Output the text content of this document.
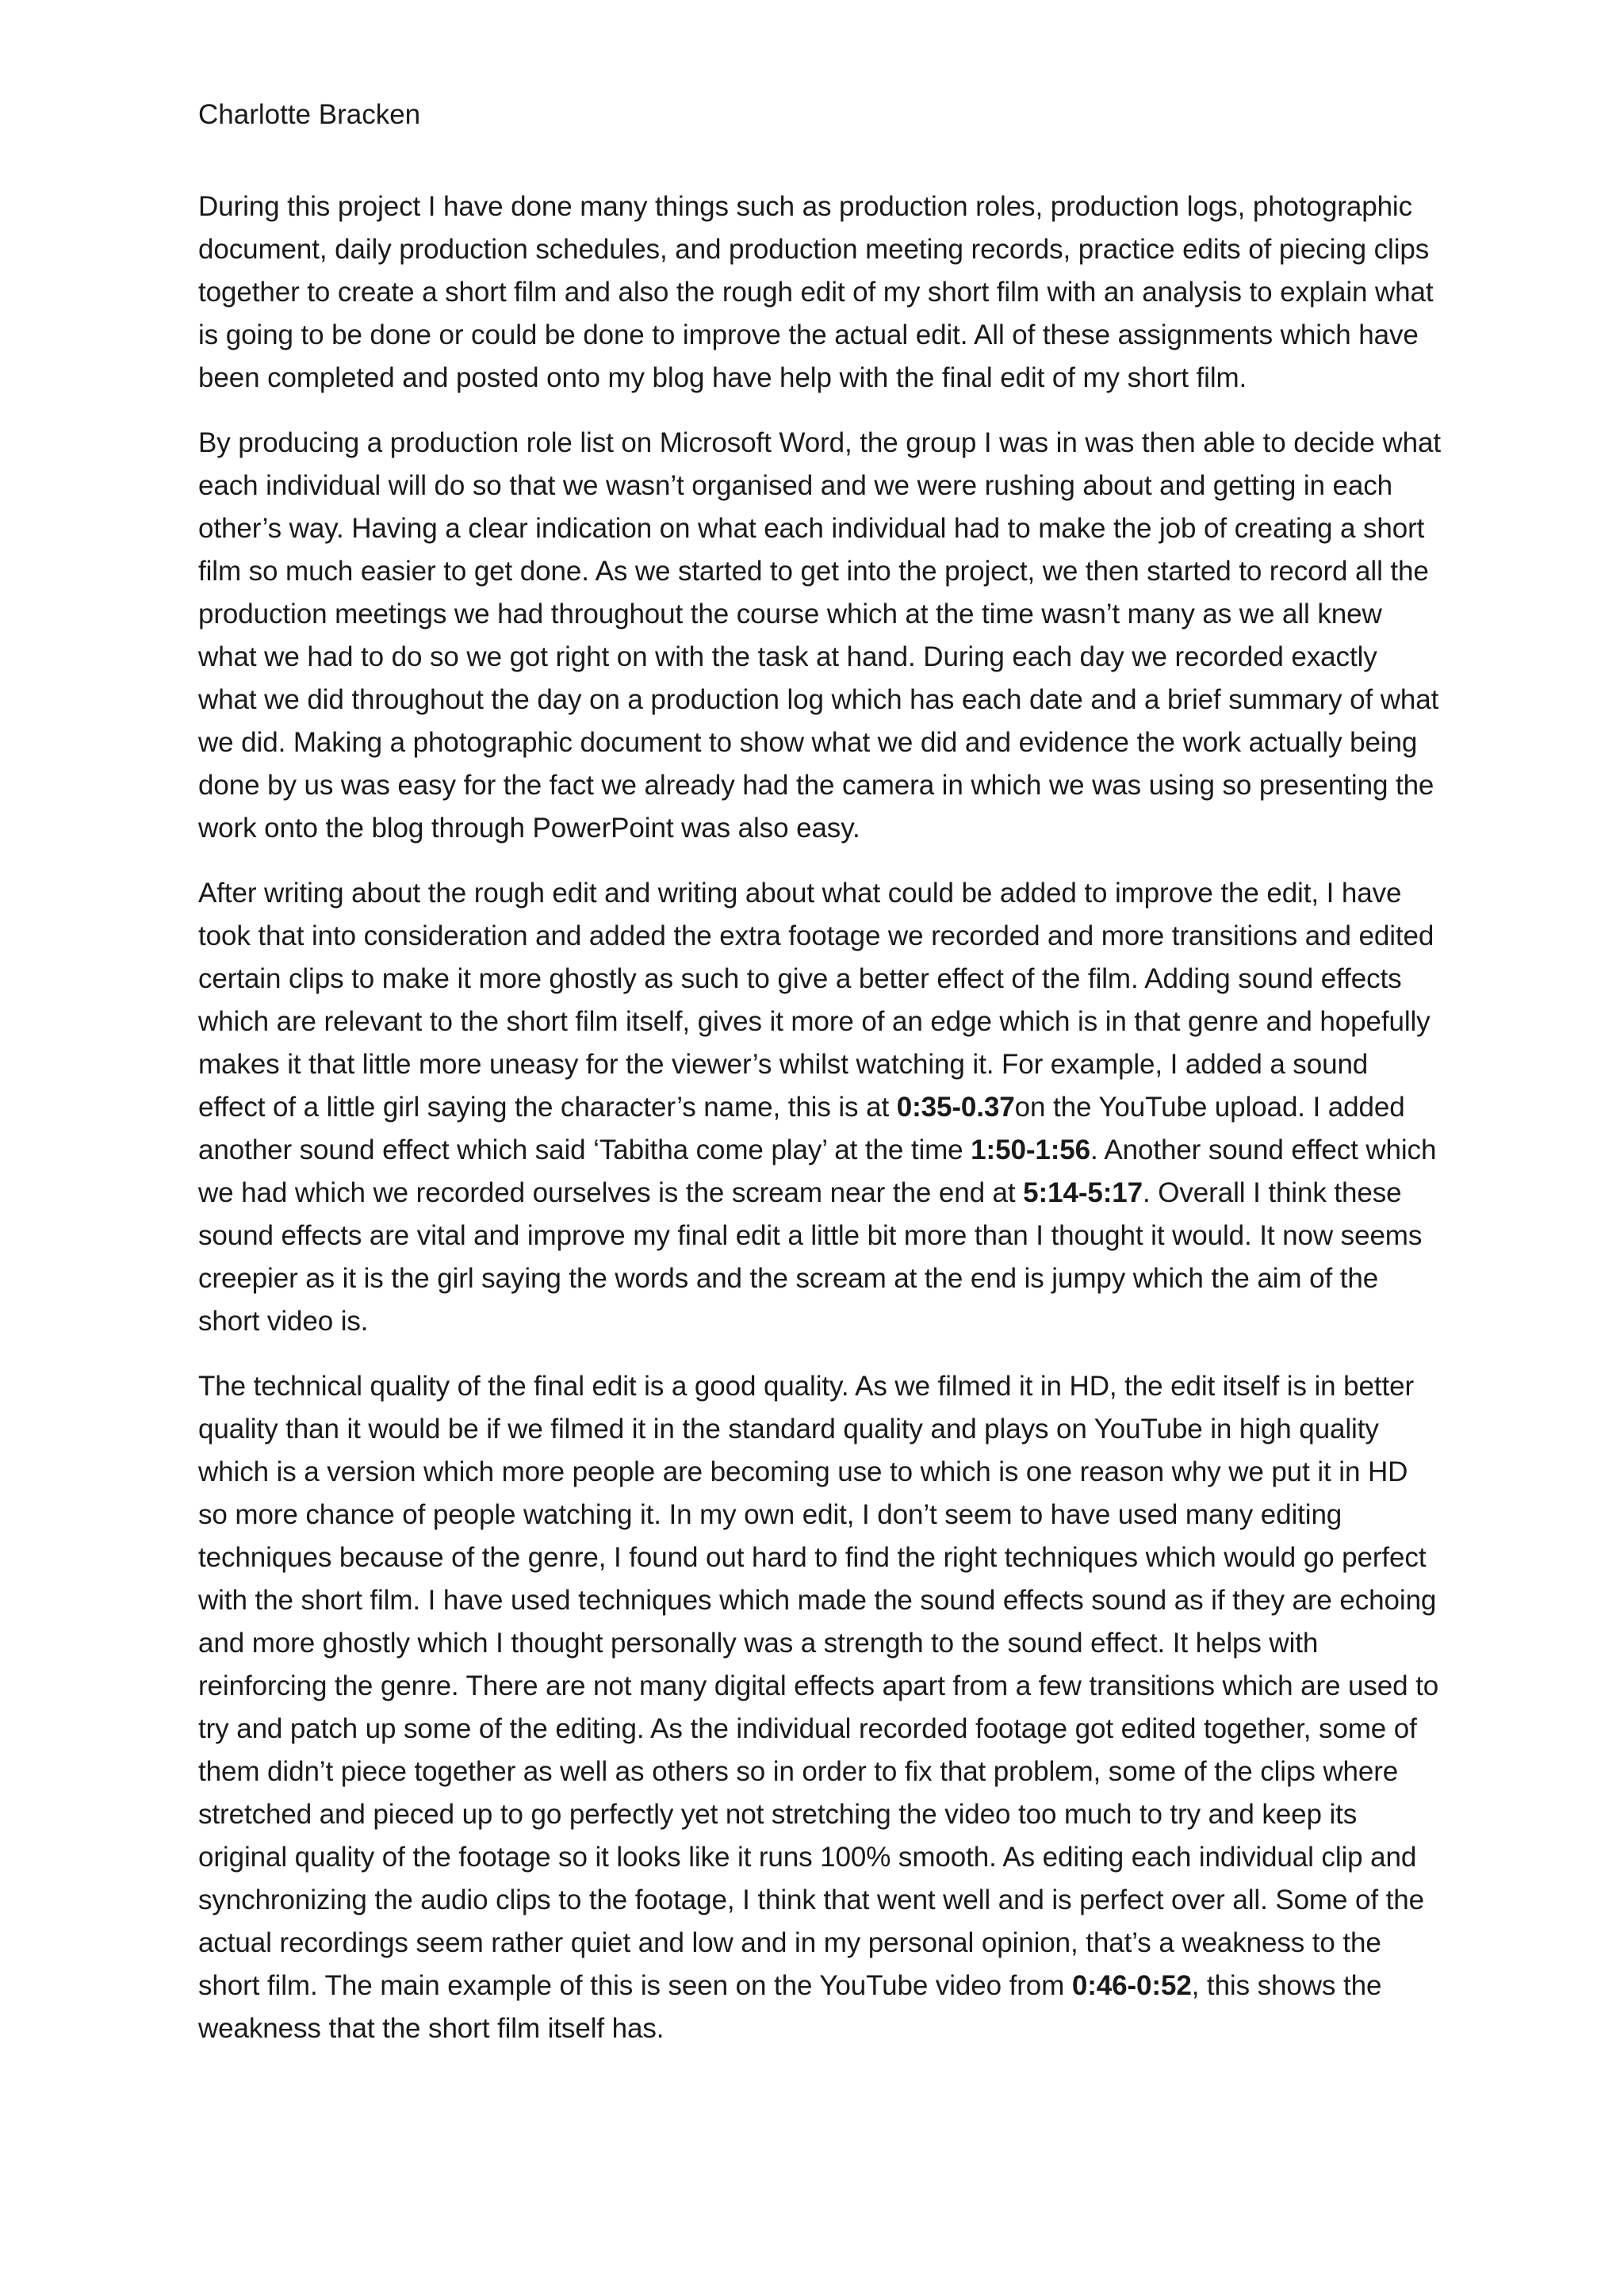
Charlotte Bracken

During this project I have done many things such as production roles, production logs, photographic document, daily production schedules, and production meeting records, practice edits of piecing clips together to create a short film and also the rough edit of my short film with an analysis to explain what is going to be done or could be done to improve the actual edit. All of these assignments which have been completed and posted onto my blog have help with the final edit of my short film.

By producing a production role list on Microsoft Word, the group I was in was then able to decide what each individual will do so that we wasn’t organised and we were rushing about and getting in each other’s way. Having a clear indication on what each individual had to make the job of creating a short film so much easier to get done. As we started to get into the project, we then started to record all the production meetings we had throughout the course which at the time wasn’t many as we all knew what we had to do so we got right on with the task at hand. During each day we recorded exactly what we did throughout the day on a production log which has each date and a brief summary of what we did. Making a photographic document to show what we did and evidence the work actually being done by us was easy for the fact we already had the camera in which we was using so presenting the work onto the blog through PowerPoint was also easy.

After writing about the rough edit and writing about what could be added to improve the edit, I have took that into consideration and added the extra footage we recorded and more transitions and edited certain clips to make it more ghostly as such to give a better effect of the film. Adding sound effects which are relevant to the short film itself, gives it more of an edge which is in that genre and hopefully makes it that little more uneasy for the viewer’s whilst watching it. For example, I added a sound effect of a little girl saying the character’s name, this is at 0:35-0.37on the YouTube upload. I added another sound effect which said ‘Tabitha come play’ at the time 1:50-1:56. Another sound effect which we had which we recorded ourselves is the scream near the end at 5:14-5:17. Overall I think these sound effects are vital and improve my final edit a little bit more than I thought it would. It now seems creepier as it is the girl saying the words and the scream at the end is jumpy which the aim of the short video is.

The technical quality of the final edit is a good quality. As we filmed it in HD, the edit itself is in better quality than it would be if we filmed it in the standard quality and plays on YouTube in high quality which is a version which more people are becoming use to which is one reason why we put it in HD so more chance of people watching it. In my own edit, I don’t seem to have used many editing techniques because of the genre, I found out hard to find the right techniques which would go perfect with the short film. I have used techniques which made the sound effects sound as if they are echoing and more ghostly which I thought personally was a strength to the sound effect. It helps with reinforcing the genre. There are not many digital effects apart from a few transitions which are used to try and patch up some of the editing. As the individual recorded footage got edited together, some of them didn’t piece together as well as others so in order to fix that problem, some of the clips where stretched and pieced up to go perfectly yet not stretching the video too much to try and keep its original quality of the footage so it looks like it runs 100% smooth. As editing each individual clip and synchronizing the audio clips to the footage, I think that went well and is perfect over all. Some of the actual recordings seem rather quiet and low and in my personal opinion, that’s a weakness to the short film. The main example of this is seen on the YouTube video from 0:46-0:52, this shows the weakness that the short film itself has.
